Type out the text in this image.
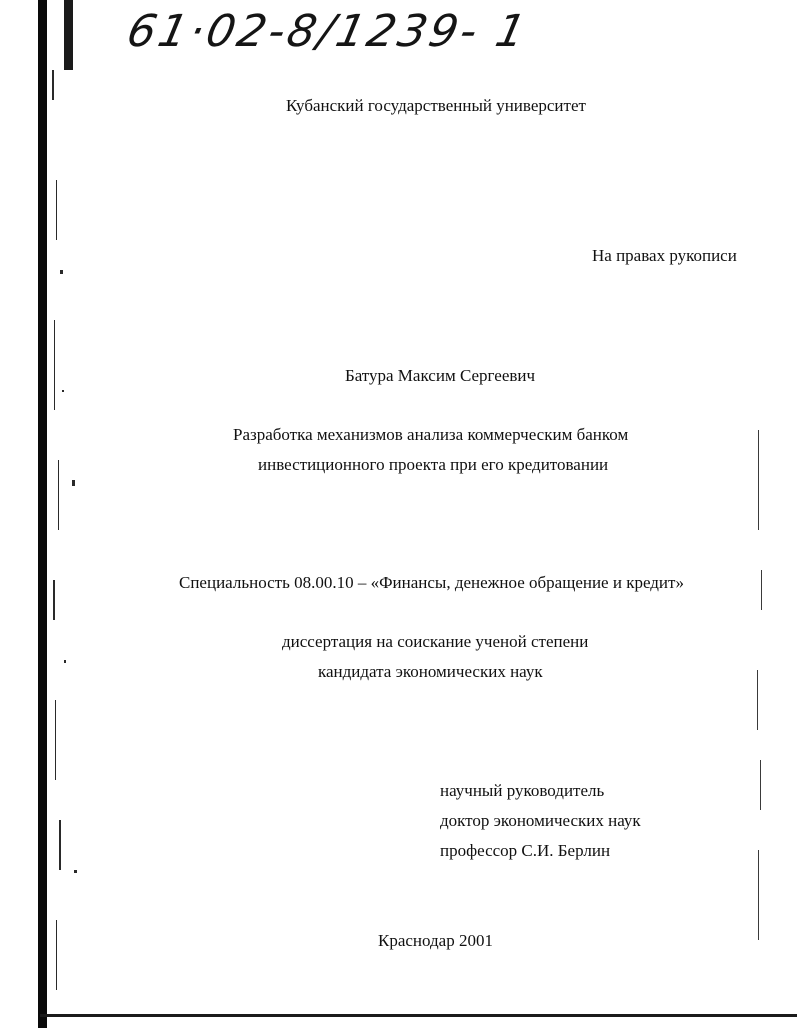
61·02-8/1239- 1
Кубанский государственный университет
На правах рукописи
Батура Максим Сергеевич
Разработка механизмов анализа коммерческим банком
инвестиционного проекта при его кредитовании
Специальность 08.00.10 – «Финансы, денежное обращение и кредит»
диссертация на соискание ученой степени
кандидата экономических наук
научный руководитель
доктор экономических наук
профессор С.И. Берлин
Краснодар 2001
